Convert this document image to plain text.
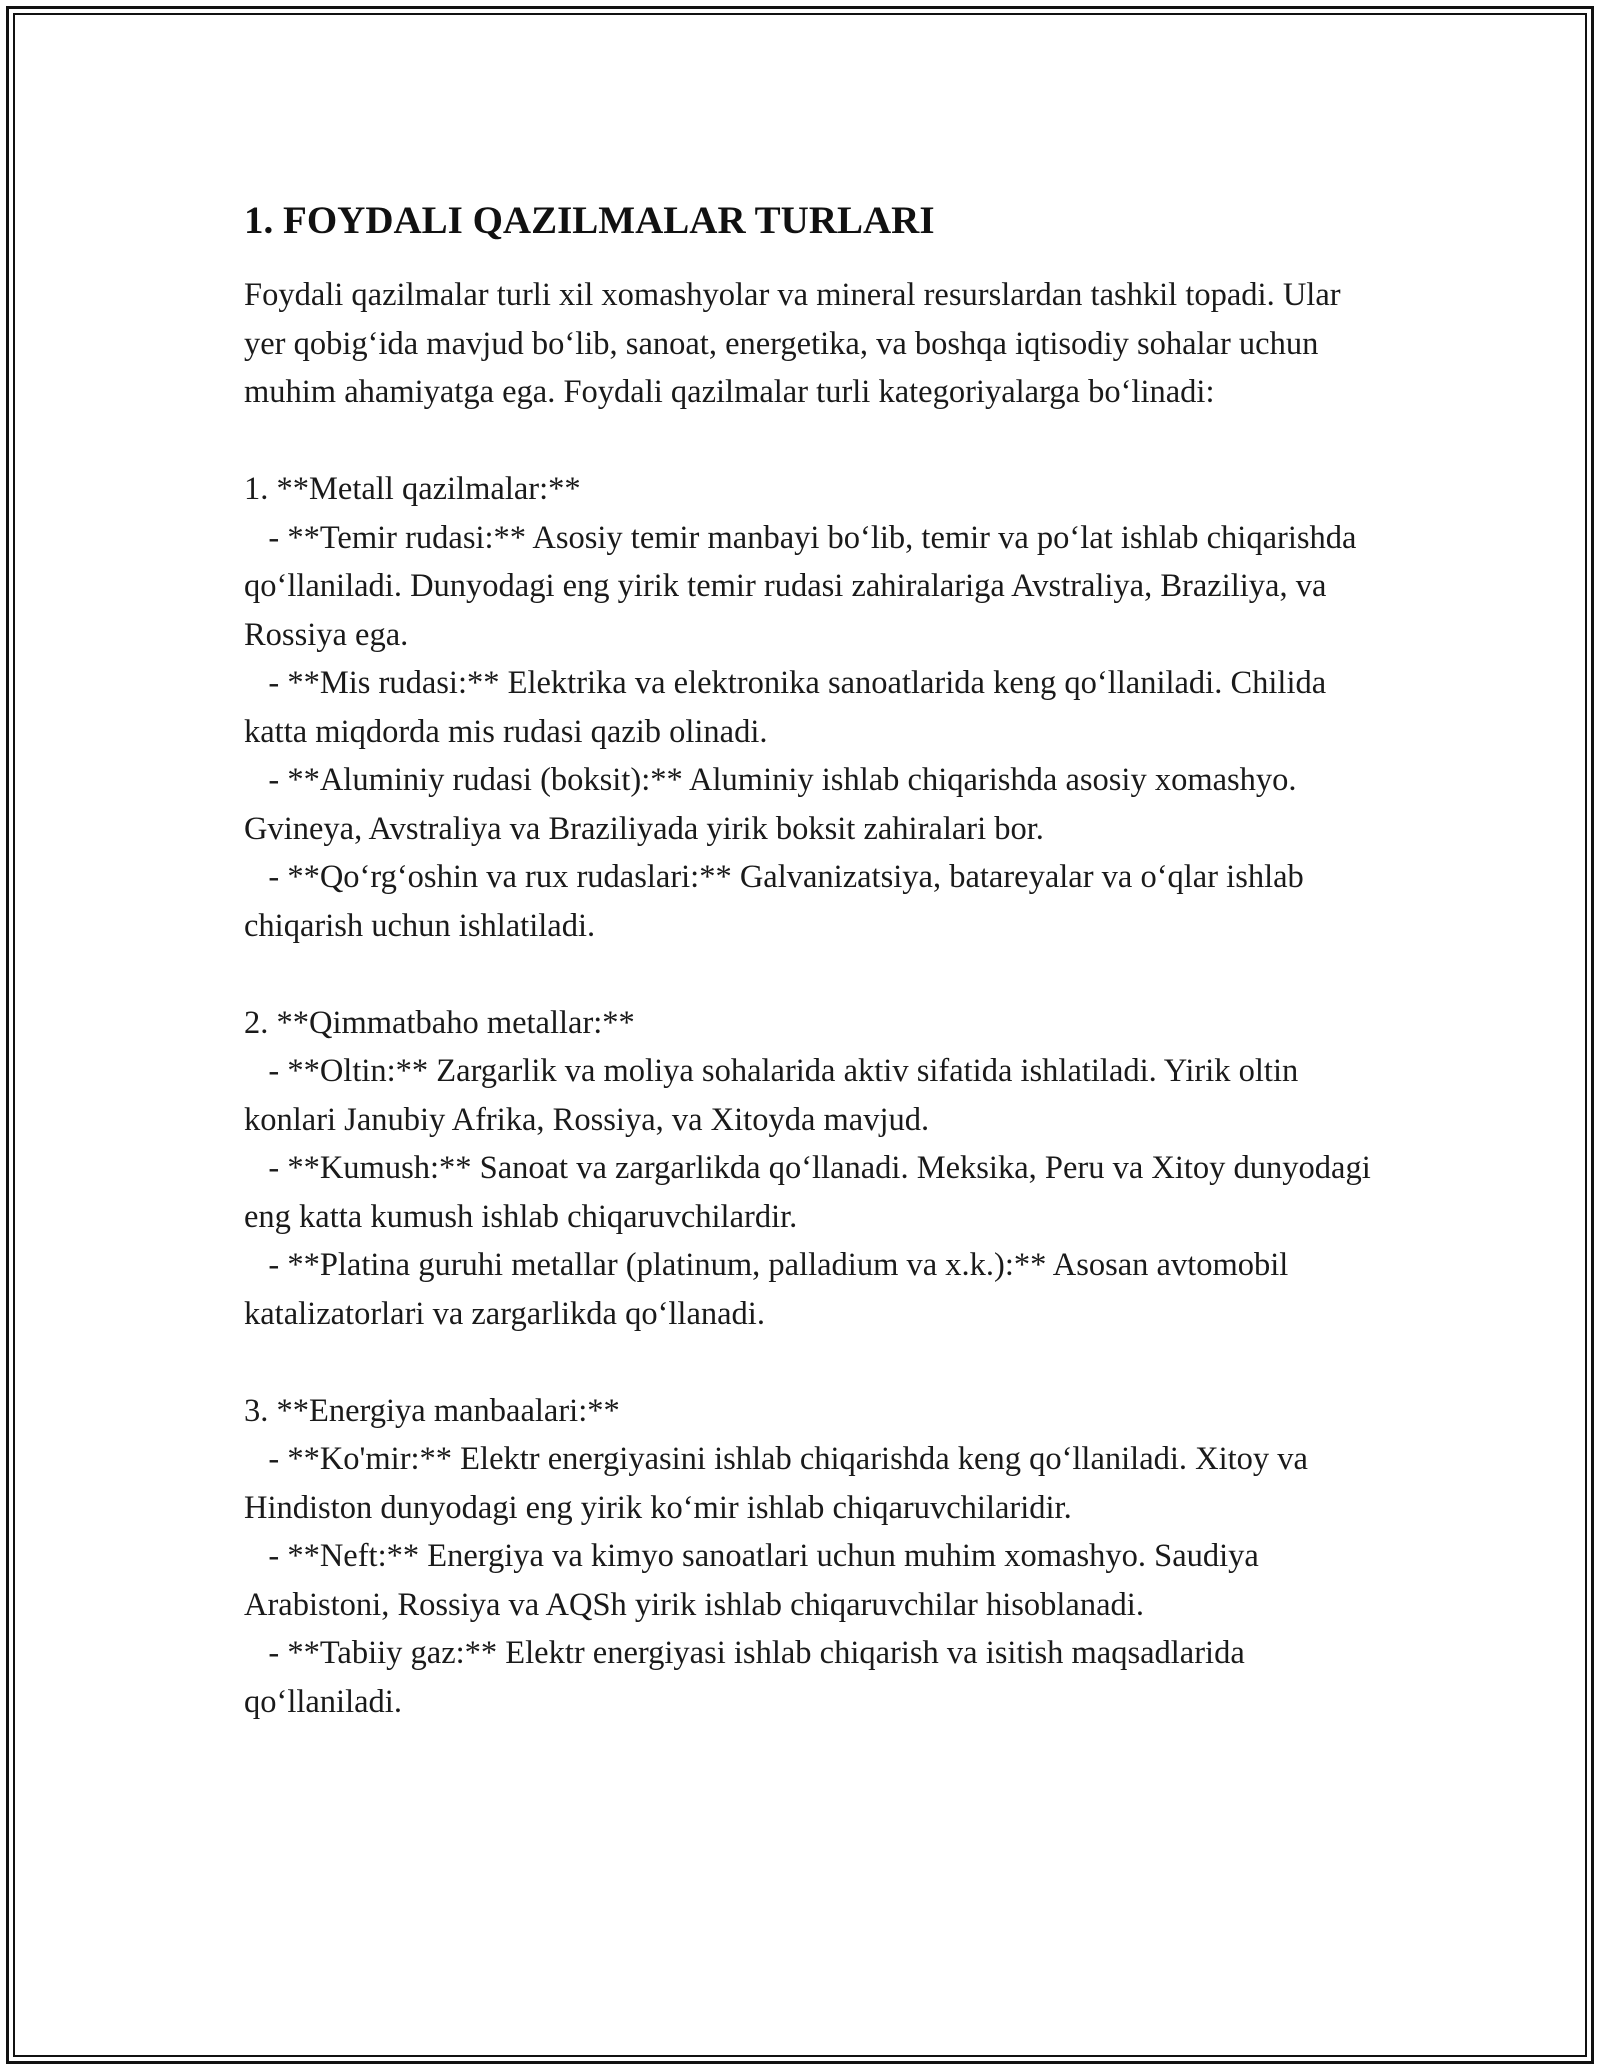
1. FOYDALI QAZILMALAR TURLARI

Foydali qazilmalar turli xil xomashyolar va mineral resurslardan tashkil topadi. Ular yer qobig‘ida mavjud bo‘lib, sanoat, energetika, va boshqa iqtisodiy sohalar uchun muhim ahamiyatga ega. Foydali qazilmalar turli kategoriyalarga bo‘linadi:

1. **Metall qazilmalar:**

- **Temir rudasi:** Asosiy temir manbayi bo‘lib, temir va po‘lat ishlab chiqarishda qo‘llaniladi. Dunyodagi eng yirik temir rudasi zahiralariga Avstraliya, Braziliya, va Rossiya ega.

- **Mis rudasi:** Elektrika va elektronika sanoatlarida keng qo‘llaniladi. Chilida katta miqdorda mis rudasi qazib olinadi.

- **Aluminiy rudasi (boksit):** Aluminiy ishlab chiqarishda asosiy xomashyo. Gvineya, Avstraliya va Braziliyada yirik boksit zahiralari bor.

- **Qo‘rg‘oshin va rux rudaslari:** Galvanizatsiya, batareyalar va o‘qlar ishlab chiqarish uchun ishlatiladi.

2. **Qimmatbaho metallar:**

- **Oltin:** Zargarlik va moliya sohalarida aktiv sifatida ishlatiladi. Yirik oltin konlari Janubiy Afrika, Rossiya, va Xitoyda mavjud.

- **Kumush:** Sanoat va zargarlikda qo‘llanadi. Meksika, Peru va Xitoy dunyodagi eng katta kumush ishlab chiqaruvchilardir.

- **Platina guruhi metallar (platinum, palladium va x.k.):** Asosan avtomobil katalizatorlari va zargarlikda qo‘llanadi.

3. **Energiya manbaalari:**

- **Ko'mir:** Elektr energiyasini ishlab chiqarishda keng qo‘llaniladi. Xitoy va Hindiston dunyodagi eng yirik ko‘mir ishlab chiqaruvchilaridir.

- **Neft:** Energiya va kimyo sanoatlari uchun muhim xomashyo. Saudiya Arabistoni, Rossiya va AQSh yirik ishlab chiqaruvchilar hisoblanadi.

- **Tabiiy gaz:** Elektr energiyasi ishlab chiqarish va isitish maqsadlarida qo‘llaniladi.
